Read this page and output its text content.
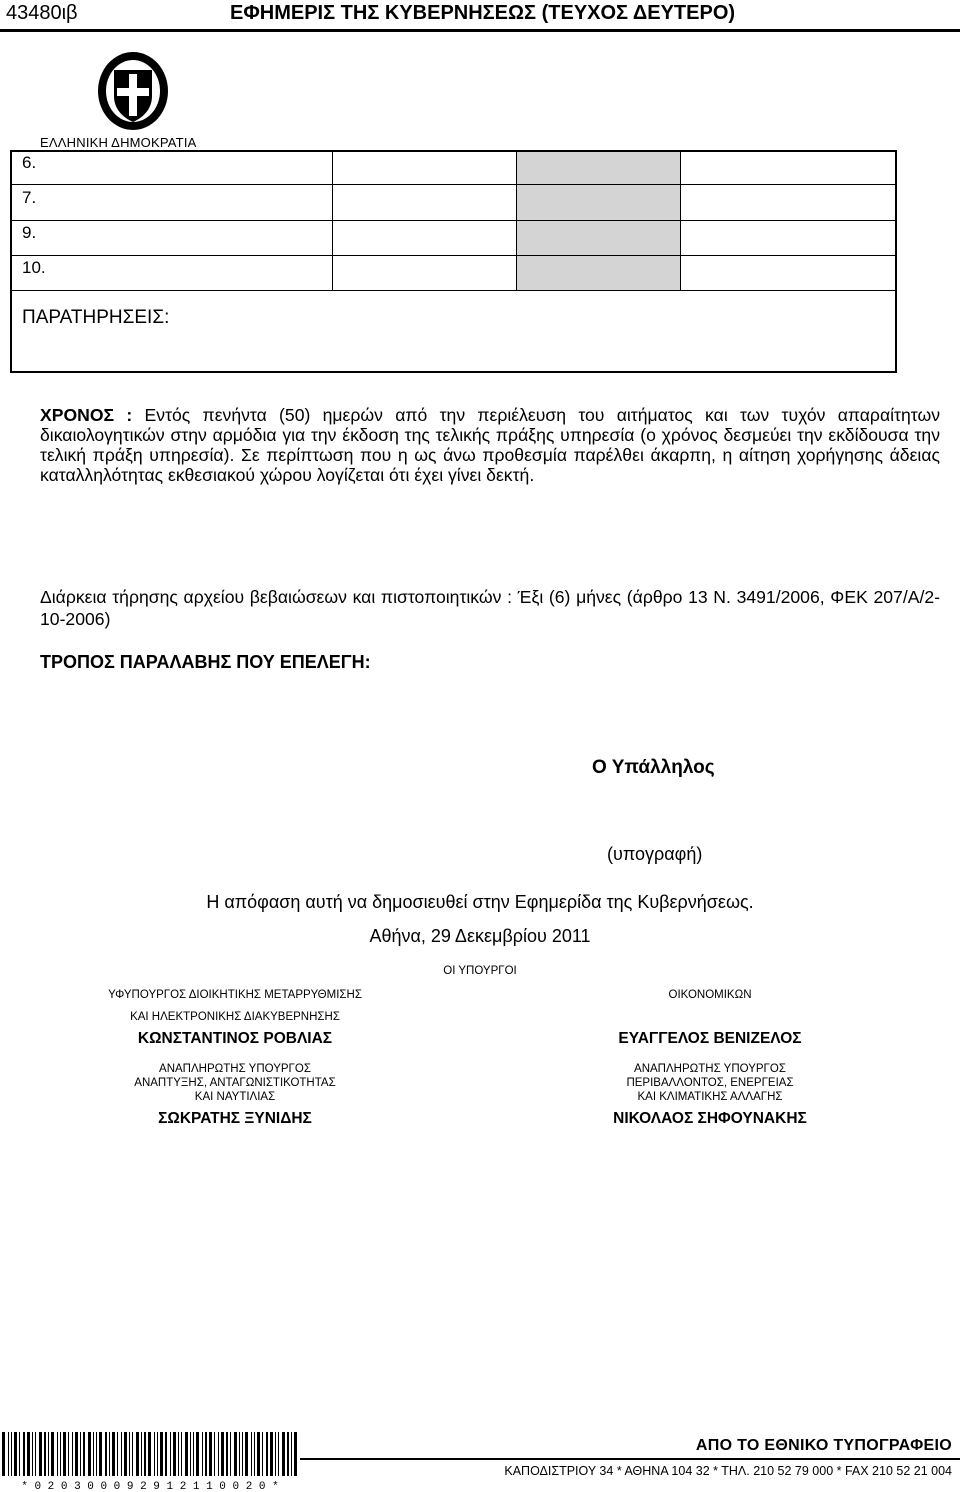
43480ιβ	ΕΦΗΜΕΡΙΣ ΤΗΣ ΚΥΒΕΡΝΗΣΕΩΣ (ΤΕΥΧΟΣ ΔΕΥΤΕΡΟ)
ΕΛΛΗΝΙΚΗ ΔΗΜΟΚΡΑΤΙΑ
6.
7.
9.
10.
ΠΑΡΑΤΗΡΗΣΕΙΣ:
ΧΡΟΝΟΣ : Εντός πενήντα (50) ημερών από την περιέλευση του αιτήματος και των τυχόν απαραίτητων δικαιολογητικών στην αρμόδια για την έκδοση της τελικής πράξης υπηρεσία (ο χρόνος δεσμεύει την εκδίδουσα την τελική πράξη υπηρεσία). Σε περίπτωση που η ως άνω προθεσμία παρέλθει άκαρπη, η αίτηση χορήγησης άδειας καταλληλότητας εκθεσιακού χώρου λογίζεται ότι έχει γίνει δεκτή.
Διάρκεια τήρησης αρχείου βεβαιώσεων και πιστοποιητικών : Έξι (6) μήνες (άρθρο 13 Ν. 3491/2006, ΦΕΚ 207/Α/2-10-2006)
ΤΡΟΠΟΣ ΠΑΡΑΛΑΒΗΣ ΠΟΥ ΕΠΕΛΕΓΗ:
Ο Υπάλληλος
(υπογραφή)
Η απόφαση αυτή να δημοσιευθεί στην Εφημερίδα της Κυβερνήσεως.
Αθήνα, 29 Δεκεμβρίου 2011
ΟΙ ΥΠΟΥΡΓΟΙ
ΥΦΥΠΟΥΡΓΟΣ ΔΙΟΙΚΗΤΙΚΗΣ ΜΕΤΑΡΡΥΘΜΙΣΗΣ
ΚΑΙ ΗΛΕΚΤΡΟΝΙΚΗΣ ΔΙΑΚΥΒΕΡΝΗΣΗΣ
ΚΩΝΣΤΑΝΤΙΝΟΣ ΡΟΒΛΙΑΣ
ΟΙΚΟΝΟΜΙΚΩΝ
ΕΥΑΓΓΕΛΟΣ ΒΕΝΙΖΕΛΟΣ
ΑΝΑΠΛΗΡΩΤΗΣ ΥΠΟΥΡΓΟΣ
ΑΝΑΠΤΥΞΗΣ, ΑΝΤΑΓΩΝΙΣΤΙΚΟΤΗΤΑΣ
ΚΑΙ ΝΑΥΤΙΛΙΑΣ
ΣΩΚΡΑΤΗΣ ΞΥΝΙΔΗΣ
ΑΝΑΠΛΗΡΩΤΗΣ ΥΠΟΥΡΓΟΣ
ΠΕΡΙΒΑΛΛΟΝΤΟΣ, ΕΝΕΡΓΕΙΑΣ
ΚΑΙ ΚΛΙΜΑΤΙΚΗΣ ΑΛΛΑΓΗΣ
ΝΙΚΟΛΑΟΣ ΣΗΦΟΥΝΑΚΗΣ
* 0 2 0 3 0 0 0 9 2 9 1 2 1 1 0 0 2 0 *
ΑΠΟ ΤΟ ΕΘΝΙΚΟ ΤΥΠΟΓΡΑΦΕΙΟ
ΚΑΠΟΔΙΣΤΡΙΟΥ 34 * ΑΘΗΝΑ 104 32 * ΤΗΛ. 210 52 79 000 * FAX 210 52 21 004
